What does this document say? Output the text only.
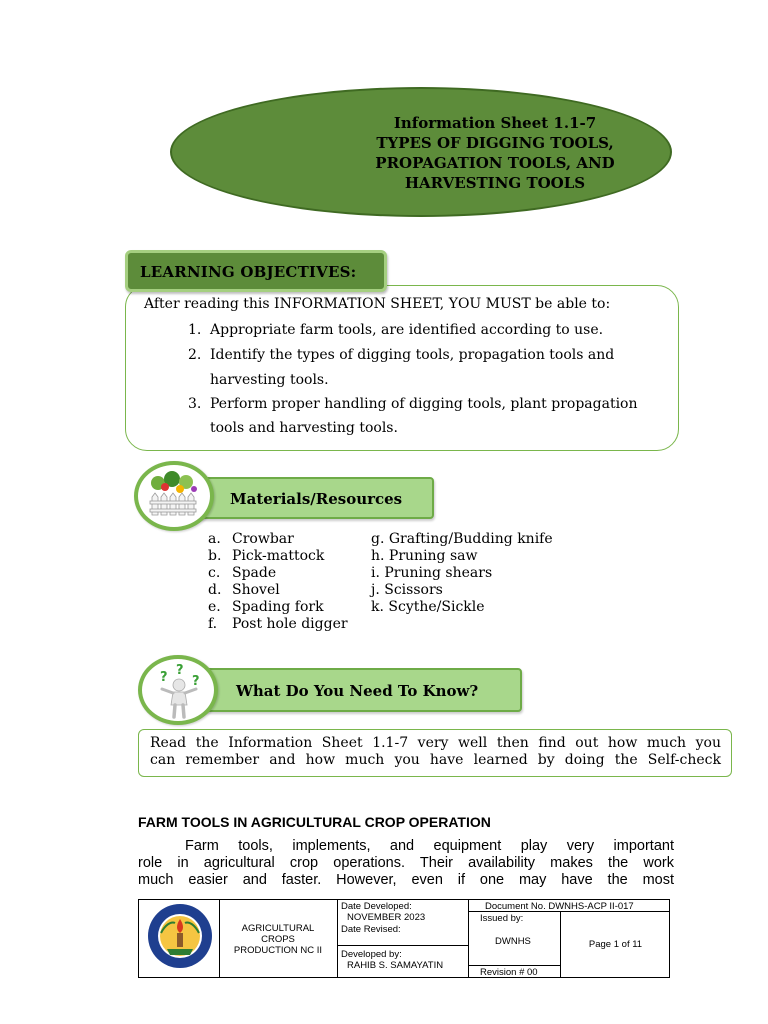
Information Sheet 1.1-7
TYPES OF DIGGING TOOLS,
PROPAGATION TOOLS, AND
HARVESTING TOOLS
LEARNING OBJECTIVES:
After reading this INFORMATION SHEET, YOU MUST be able to:
1. Appropriate farm tools, are identified according to use.
2. Identify the types of digging tools, propagation tools and
harvesting tools.
3. Perform proper handling of digging tools, plant propagation
tools and harvesting tools.
Materials/Resources
a. Crowbar
b. Pick-mattock
c. Spade
d. Shovel
e. Spading fork
f. Post hole digger
g. Grafting/Budding knife
h. Pruning saw
i. Pruning shears
j. Scissors
k. Scythe/Sickle
What Do You Need To Know?
? ?
?
Read the Information Sheet 1.1-7 very well then find out how much you
can remember and how much you have learned by doing the Self-check
FARM TOOLS IN AGRICULTURAL CROP OPERATION
Farm tools, implements, and equipment play very important
role in agricultural crop operations. Their availability makes the work
much easier and faster. However, even if one may have the most
AGRICULTURAL
CROPS
PRODUCTION NC II
Date Developed:
NOVEMBER 2023
Date Revised:
Developed by:
RAHIB S. SAMAYATIN
Document No. DWNHS-ACP II-017
Issued by:
DWNHS
Revision # 00
Page 1 of 11
